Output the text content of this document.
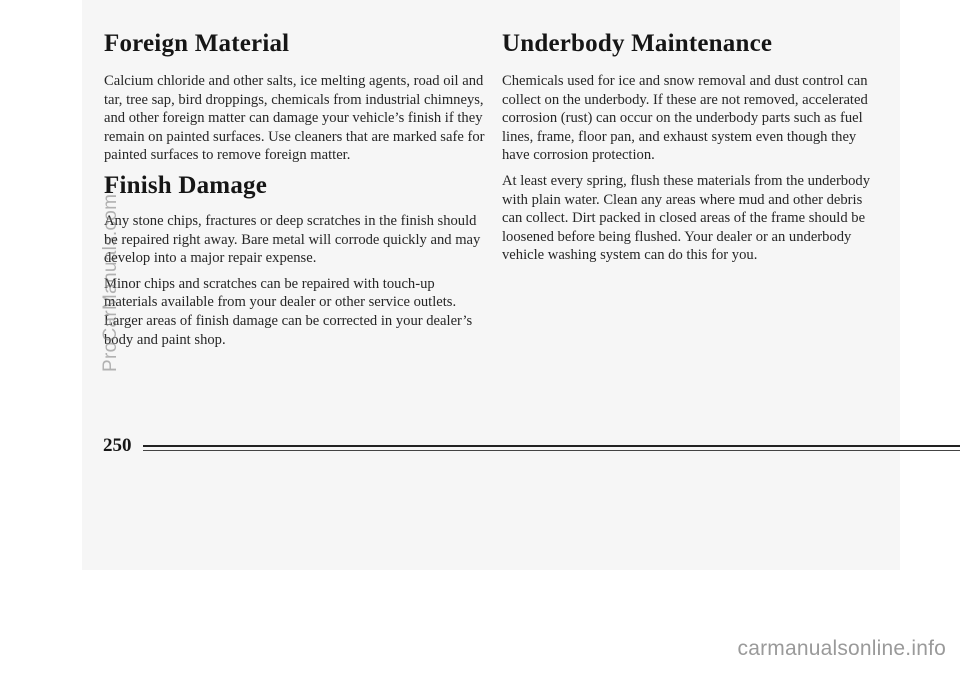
Foreign Material

Calcium chloride and other salts, ice melting agents, road oil and tar, tree sap, bird droppings, chemicals from industrial chimneys, and other foreign matter can damage your vehicle’s finish if they remain on painted surfaces. Use cleaners that are marked safe for painted surfaces to remove foreign matter.

Finish Damage

Any stone chips, fractures or deep scratches in the finish should be repaired right away. Bare metal will corrode quickly and may develop into a major repair expense.

Minor chips and scratches can be repaired with touch-up materials available from your dealer or other service outlets. Larger areas of finish damage can be corrected in your dealer’s body and paint shop.

Underbody Maintenance

Chemicals used for ice and snow removal and dust control can collect on the underbody. If these are not removed, accelerated corrosion (rust) can occur on the underbody parts such as fuel lines, frame, floor pan, and exhaust system even though they have corrosion protection.

At least every spring, flush these materials from the underbody with plain water. Clean any areas where mud and other debris can collect. Dirt packed in closed areas of the frame should be loosened before being flushed. Your dealer or an underbody vehicle washing system can do this for you.

250
ProCarManuals.com
carmanualsonline.info
